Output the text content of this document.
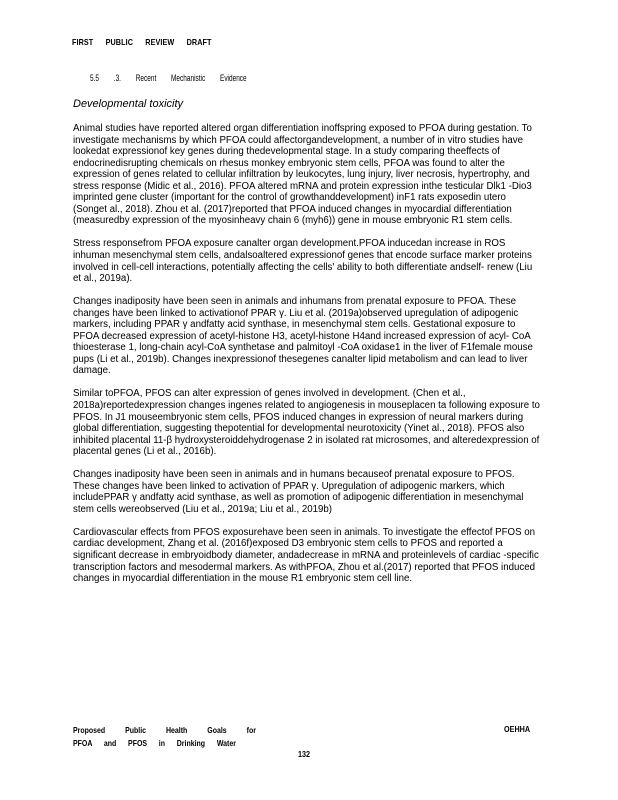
FIRST PUBLIC REVIEW DRAFT
5.5 .3. Recent Mechanistic Evidence
Developmental toxicity

Animal studies have reported altered organ differentiation inoffspring exposed to PFOA during gestation. To investigate mechanisms by which PFOA could affectorgandevelopment, a number of in vitro studies have lookedat expressionof key genes during thedevelopmental stage. In a study comparing theeffects of endocrinedisrupting chemicals on rhesus monkey embryonic stem cells, PFOA was found to alter the expression of genes related to cellular infiltration by leukocytes, lung injury, liver necrosis, hypertrophy, and stress response (Midic et al., 2016). PFOA altered mRNA and protein expression inthe testicular Dlk1 -Dio3 imprinted gene cluster (important for the control of growthanddevelopment) inF1 rats exposedin utero (Songet al., 2018). Zhou et al. (2017)reported that PFOA induced changes in myocardial differentiation (measuredby expression of the myosinheavy chain 6 (myh6)) gene in mouse embryonic R1 stem cells.

Stress responsefrom PFOA exposure canalter organ development.PFOA inducedan increase in ROS inhuman mesenchymal stem cells, andalsoaltered expressionof genes that encode surface marker proteins involved in cell-cell interactions, potentially affecting the cells' ability to both differentiate andself- renew (Liu et al., 2019a).

Changes inadiposity have been seen in animals and inhumans from prenatal exposure to PFOA. These changes have been linked to activationof PPAR γ. Liu et al. (2019a)observed upregulation of adipogenic markers, including PPAR γ andfatty acid synthase, in mesenchymal stem cells. Gestational exposure to PFOA decreased expression of acetyl-histone H3, acetyl-histone H4and increased expression of acyl- CoA thioesterase 1, long-chain acyl-CoA synthetase and palmitoyl -CoA oxidase1 in the liver of F1female mouse pups (Li et al., 2019b). Changes inexpressionof thesegenes canalter lipid metabolism and can lead to liver damage.

Similar toPFOA, PFOS can alter expression of genes involved in development. (Chen et al., 2018a)reportedexpression changes ingenes related to angiogenesis in mouseplacen ta following exposure to PFOS. In J1 mouseembryonic stem cells, PFOS induced changes in expression of neural markers during global differentiation, suggesting thepotential for developmental neurotoxicity (Yinet al., 2018). PFOS also inhibited placental 11-β hydroxysteroiddehydrogenase 2 in isolated rat microsomes, and alteredexpression of placental genes (Li et al., 2016b).

Changes inadiposity have been seen in animals and in humans becauseof prenatal exposure to PFOS. These changes have been linked to activation of PPAR γ. Upregulation of adipogenic markers, which includePPAR γ andfatty acid synthase, as well as promotion of adipogenic differentiation in mesenchymal stem cells wereobserved (Liu et al., 2019a; Liu et al., 2019b)

Cardiovascular effects from PFOS exposurehave been seen in animals. To investigate the effectof PFOS on cardiac development, Zhang et al. (2016f)exposed D3 embryonic stem cells to PFOS and reported a significant decrease in embryoidbody diameter, andadecrease in mRNA and proteinlevels of cardiac -specific transcription factors and mesodermal markers. As withPFOA, Zhou et al.(2017) reported that PFOS induced changes in myocardial differentiation in the mouse R1 embryonic stem cell line.

Proposed Public Health Goals for
PFOA and PFOS in Drinking Water
OEHHA
132
